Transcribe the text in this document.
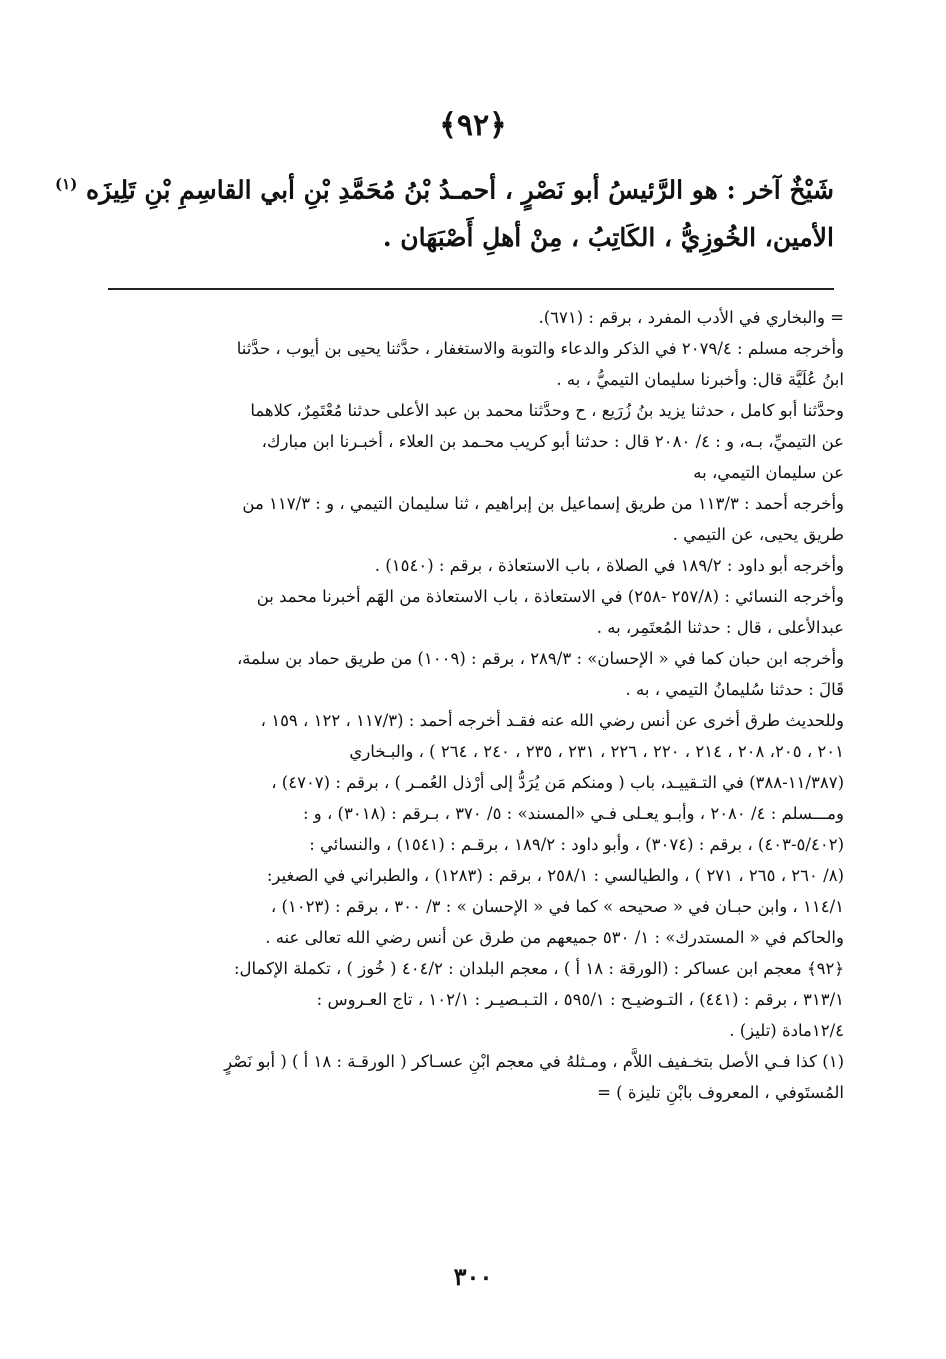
﴿٩٢﴾
شَيْخٌ آخر : هو الرَّئيسُ أبو نَصْرٍ ، أحمـدُ بْنُ مُحَمَّدِ بْنِ أبي القاسِمِ بْنِ تَلِيزَه $^{(١)}$
الأمين، الخُوزِيُّ ، الكَاتِبُ ، مِنْ أهلِ أَصْبَهَان .
= والبخاري في الأدب المفرد ، برقم : (٦٧١).
وأخرجه مسلم : ٢٠٧٩/٤ في الذكر والدعاء والتوبة والاستغفار ، حدَّثنا يحيى بن أيوب ، حدَّثنا
ابنُ عُلَيَّة قال: وأخبرنا سليمان التيميُّ ، به .
وحدَّثنا أبو كامل ، حدثنا يزيد بنُ زُرَيع ، ح وحدَّثنا محمد بن عبد الأعلى حدثنا مُعْتَمِرٌ، كلاهما
عن التيميِّ، بـه، و : ٤/ ٢٠٨٠ قال : حدثنا أبو كريب محـمد بن العلاء ، أخبـرنا ابن مبارك،
عن سليمان التيمي، به
وأخرجه أحمد : ١١٣/٣ من طريق إسماعيل بن إبراهيم ، ثنا سليمان التيمي ، و : ١١٧/٣ من
طريق يحيى، عن التيمي .
وأخرجه أبو داود : ١٨٩/٢ في الصلاة ، باب الاستعاذة ، برقم : (١٥٤٠) .
وأخرجه النسائي : (٢٥٧/٨ -٢٥٨) في الاستعاذة ، باب الاستعاذة من الهَم أخبرنا محمد بن
عبدالأعلى ، قال : حدثنا المُعتَمِر، به .
وأخرجه ابن حبان كما في « الإحسان» : ٢٨٩/٣ ، برقم : (١٠٠٩) من طريق حماد بن سلمة،
قَالَ : حدثنا سُليمانُ التيمي ، به .
وللحديث طرق أخرى عن أنس رضي الله عنه فقـد أخرجه أحمد : (١١٧/٣ ، ١٢٢ ، ١٥٩ ،
٢٠١ ، ٢٠٥، ٢٠٨ ، ٢١٤ ، ٢٢٠ ، ٢٢٦ ، ٢٣١ ، ٢٣٥ ، ٢٤٠ ، ٢٦٤ ) ، والبـخاري
(١١/٣٨٧-٣٨٨) في التـقييـد، باب ( ومنكم مَن يُرَدُّ إلى أرْذل العُمـر ) ، برقم : (٤٧٠٧) ،
ومـــسلم : ٤/ ٢٠٨٠ ، وأبـو يعـلى فـي «المسند» : ٥/ ٣٧٠ ، بـرقم : (٣٠١٨) ، و :
(٥/٤٠٢-٤٠٣) ، برقم : (٣٠٧٤) ، وأبو داود : ١٨٩/٢ ، برقـم : (١٥٤١) ، والنسائي :
(٨/ ٢٦٠ ، ٢٦٥ ، ٢٧١ ) ، والطيالسي : ٢٥٨/١ ، برقم : (١٢٨٣) ، والطبراني في الصغير:
١١٤/١ ، وابن حبـان في « صحيحه » كما في « الإحسان » : ٣/ ٣٠٠ ، برقم : (١٠٢٣) ،
والحاكم في « المستدرك» : ١/ ٥٣٠ جميعهم من طرق عن أنس رضي الله تعالى عنه .
﴿٩٢﴾ معجم ابن عساكر : (الورقة : ١٨ أ ) ، معجم البلدان : ٤٠٤/٢ ( خُوز ) ، تكملة الإكمال:
٣١٣/١ ، برقم : (٤٤١) ، التـوضيـح : ٥٩٥/١ ، التـبـصيـر : ١٠٢/١ ، تاج العـروس :
١٢/٤مادة (تليز) .
(١) كذا فـي الأصل بتخـفيف اللاَّم ، ومـثلهُ في معجم ابْنِ عسـاكر ( الورقـة : ١٨ أ ) ( أبو نَصْرٍ
المُستَوفي ، المعروف بابْنِ تليزة ) =
٣٠٠
